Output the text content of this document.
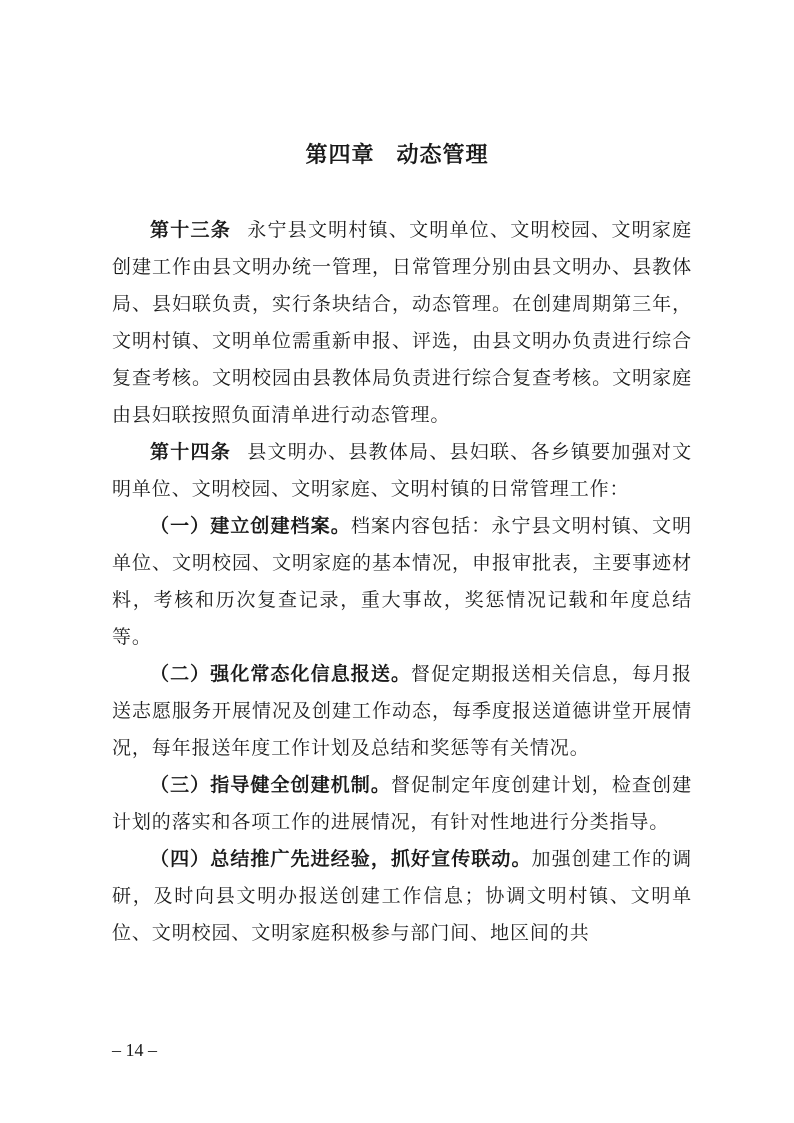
第四章 动态管理

第十三条 永宁县文明村镇、文明单位、文明校园、文明家庭创建工作由县文明办统一管理，日常管理分别由县文明办、县教体局、县妇联负责，实行条块结合，动态管理。在创建周期第三年，文明村镇、文明单位需重新申报、评选，由县文明办负责进行综合复查考核。文明校园由县教体局负责进行综合复查考核。文明家庭由县妇联按照负面清单进行动态管理。

第十四条 县文明办、县教体局、县妇联、各乡镇要加强对文明单位、文明校园、文明家庭、文明村镇的日常管理工作：

（一）建立创建档案。档案内容包括：永宁县文明村镇、文明单位、文明校园、文明家庭的基本情况，申报审批表，主要事迹材料，考核和历次复查记录，重大事故，奖惩情况记载和年度总结等。

（二）强化常态化信息报送。督促定期报送相关信息，每月报送志愿服务开展情况及创建工作动态，每季度报送道德讲堂开展情况，每年报送年度工作计划及总结和奖惩等有关情况。

（三）指导健全创建机制。督促制定年度创建计划，检查创建计划的落实和各项工作的进展情况，有针对性地进行分类指导。

（四）总结推广先进经验，抓好宣传联动。加强创建工作的调研，及时向县文明办报送创建工作信息；协调文明村镇、文明单位、文明校园、文明家庭积极参与部门间、地区间的共

– 14 –
